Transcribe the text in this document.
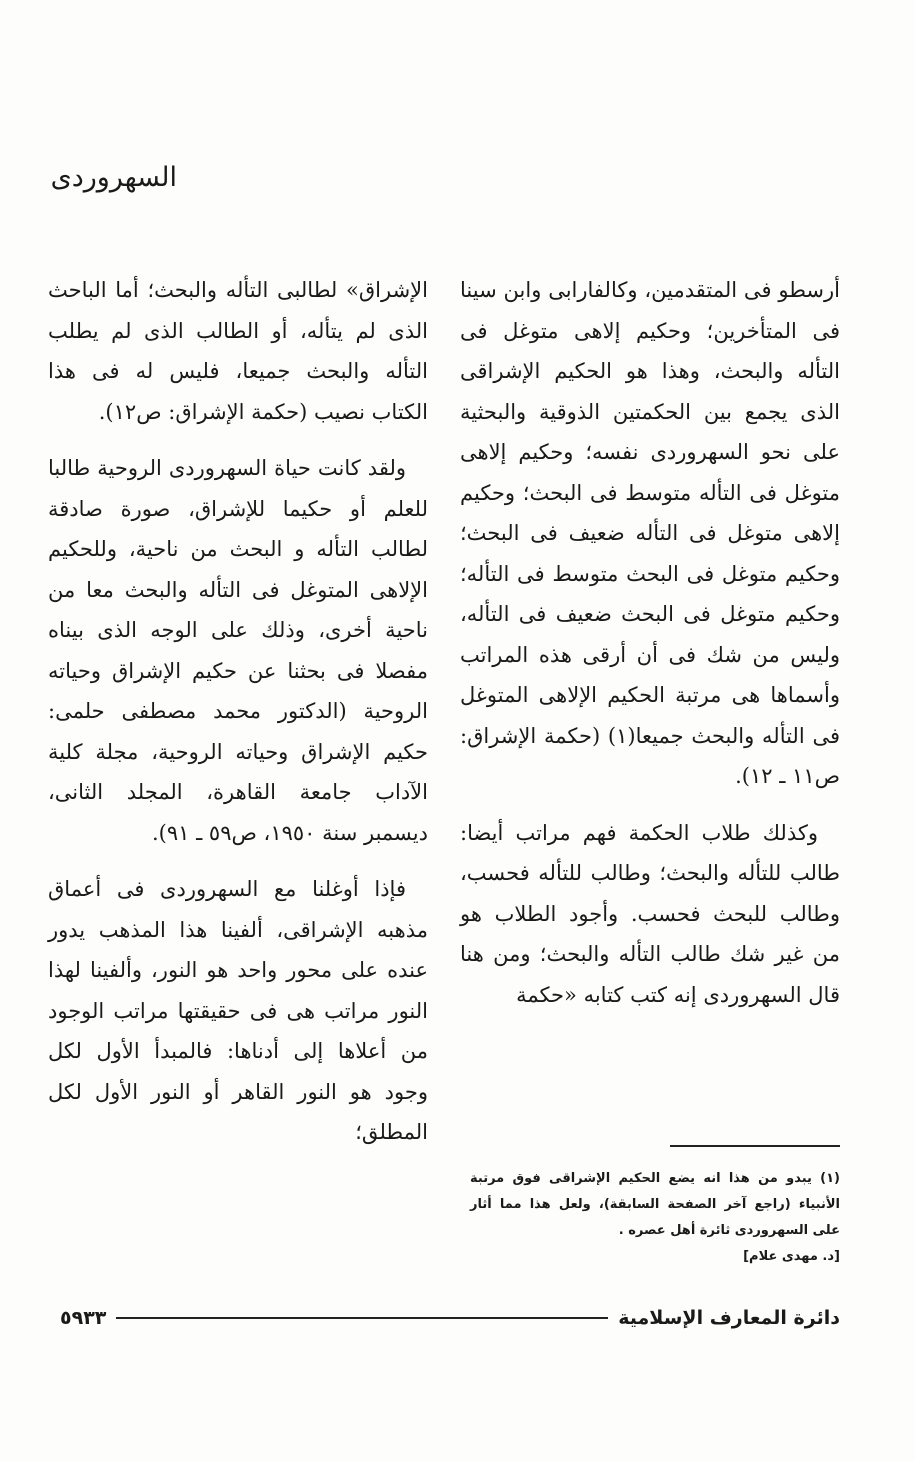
السهروردى

أرسطو فى المتقدمين، وكالفارابى وابن سينا فى المتأخرين؛ وحكيم إلاهى متوغل فى التأله والبحث، وهذا هو الحكيم الإشراقى الذى يجمع بين الحكمتين الذوقية والبحثية على نحو السهروردى نفسه؛ وحكيم إلاهى متوغل فى التأله متوسط فى البحث؛ وحكيم إلاهى متوغل فى التأله ضعيف فى البحث؛ وحكيم متوغل فى البحث متوسط فى التأله؛ وحكيم متوغل فى البحث ضعيف فى التأله، وليس من شك فى أن أرقى هذه المراتب وأسماها هى مرتبة الحكيم الإلاهى المتوغل فى التأله والبحث جميعا(١) (حكمة الإشراق: ص١١ ـ ١٢).

وكذلك طلاب الحكمة فهم مراتب أيضا: طالب للتأله والبحث؛ وطالب للتأله فحسب، وطالب للبحث فحسب. وأجود الطلاب هو من غير شك طالب التأله والبحث؛ ومن هنا قال السهروردى إنه كتب كتابه «حكمة

الإشراق» لطالبى التأله والبحث؛ أما الباحث الذى لم يتأله، أو الطالب الذى لم يطلب التأله والبحث جميعا، فليس له فى هذا الكتاب نصيب (حكمة الإشراق: ص١٢).

ولقد كانت حياة السهروردى الروحية طالبا للعلم أو حكيما للإشراق، صورة صادقة لطالب التأله و البحث من ناحية، وللحكيم الإلاهى المتوغل فى التأله والبحث معا من ناحية أخرى، وذلك على الوجه الذى بيناه مفصلا فى بحثنا عن حكيم الإشراق وحياته الروحية (الدكتور محمد مصطفى حلمى: حكيم الإشراق وحياته الروحية، مجلة كلية الآداب جامعة القاهرة، المجلد الثانى، ديسمبر سنة ١٩٥٠، ص٥٩ ـ ٩١).

فإذا أوغلنا مع السهروردى فى أعماق مذهبه الإشراقى، ألفينا هذا المذهب يدور عنده على محور واحد هو النور، وألفينا لهذا النور مراتب هى فى حقيقتها مراتب الوجود من أعلاها إلى أدناها: فالمبدأ الأول لكل وجود هو النور القاهر أو النور الأول لكل المطلق؛

(١) يبدو من هذا انه يضع الحكيم الإشراقى فوق مرتبة الأنبياء (راجع آخر الصفحة السابقة)، ولعل هذا مما أثار على السهروردى ثائرة أهل عصره .
[د. مهدى علام]
دائرة المعارف الإسلامية
٥٩٣٣
